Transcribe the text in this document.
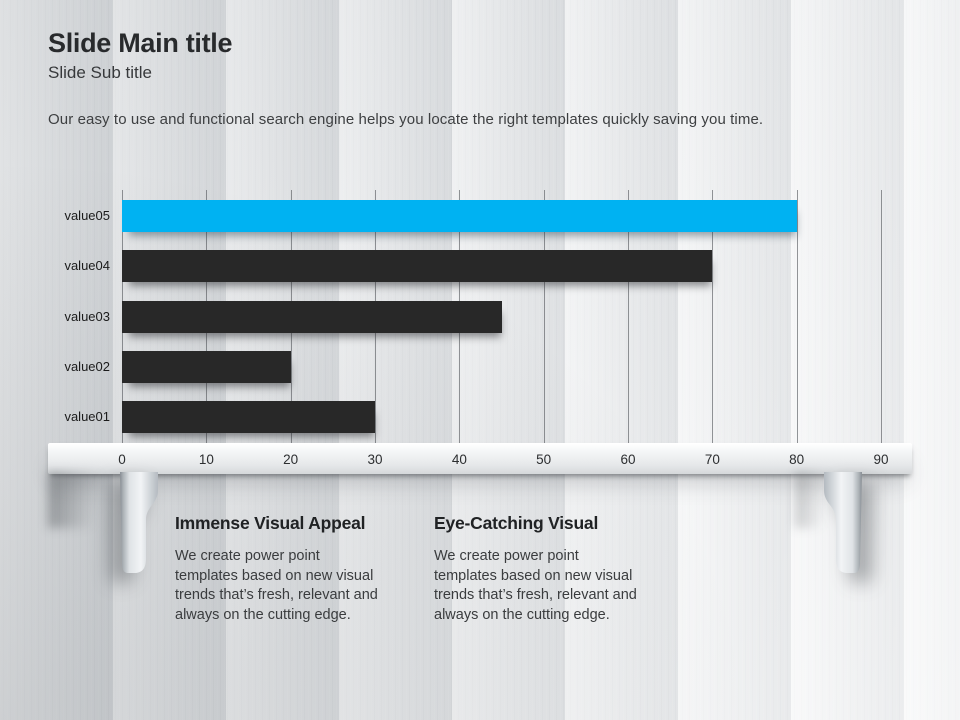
Slide Main title
Slide Sub title
Our easy to use and functional search engine helps you locate the right templates quickly saving you time.
value05
value04
value03
value02
value01
0	10	20	30	40	50	60	70	80	90
Immense Visual Appeal
We create power point
templates based on new visual
trends that’s fresh, relevant and
always on the cutting edge.
Eye-Catching Visual
We create power point
templates based on new visual
trends that’s fresh, relevant and
always on the cutting edge.
